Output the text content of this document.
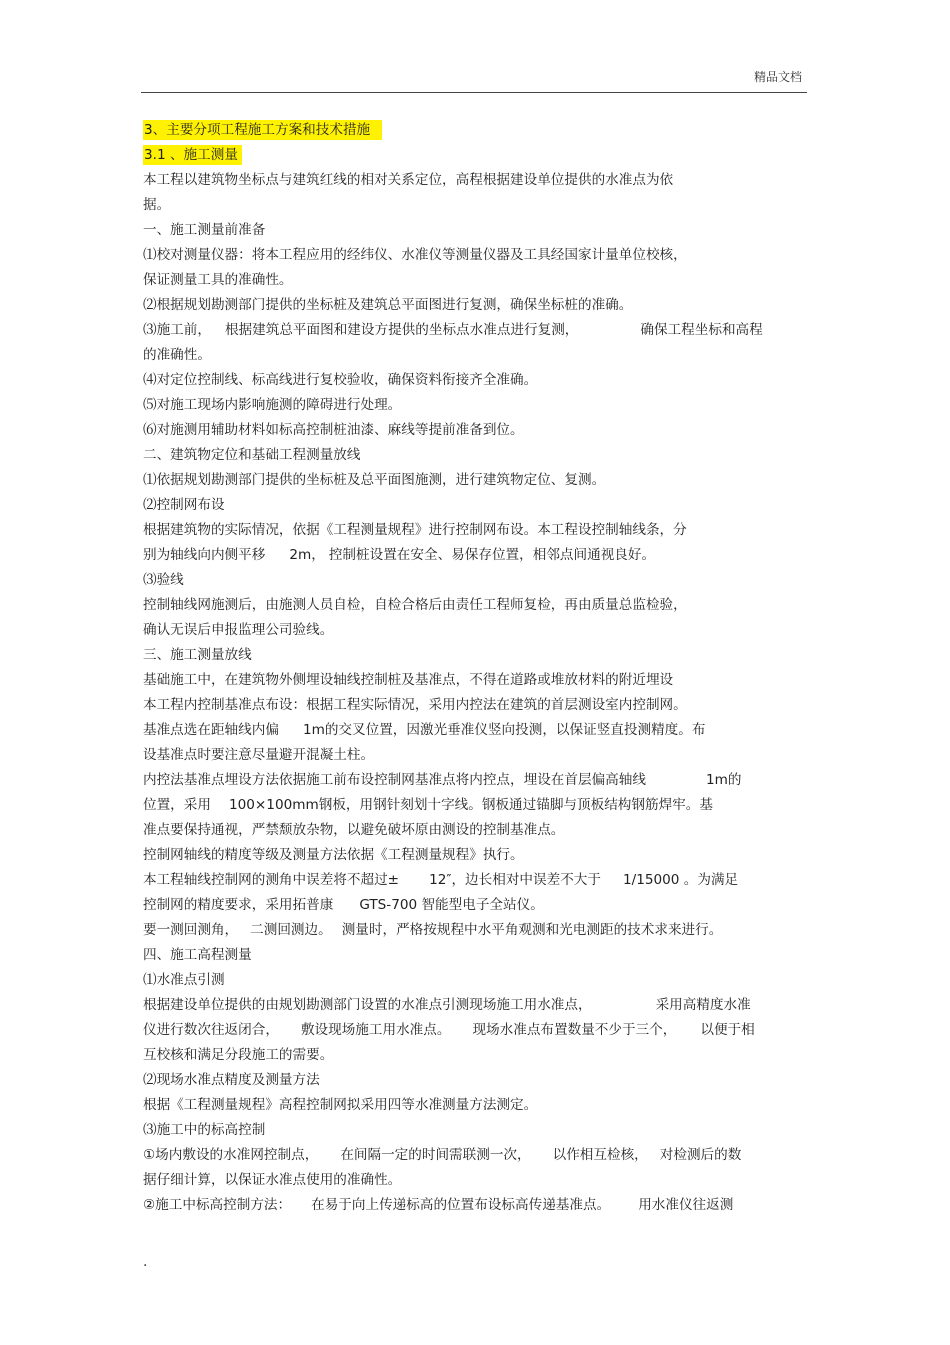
精品文档
3、主要分项工程施工方案和技术措施
3.1 、施工测量
本工程以建筑物坐标点与建筑红线的相对关系定位，高程根据建设单位提供的水准点为依
据。
一、施工测量前准备
⑴校对测量仪器：将本工程应用的经纬仪、水准仪等测量仪器及工具经国家计量单位校核，
保证测量工具的准确性。
⑵根据规划勘测部门提供的坐标桩及建筑总平面图进行复测，确保坐标桩的准确。
⑶施工前， 根据建筑总平面图和建设方提供的坐标点水准点进行复测，	确保工程坐标和高程
的准确性。
⑷对定位控制线、标高线进行复校验收，确保资料衔接齐全准确。
⑸对施工现场内影响施测的障碍进行处理。
⑹对施测用辅助材料如标高控制桩油漆、麻线等提前准备到位。
二、建筑物定位和基础工程测量放线
⑴依据规划勘测部门提供的坐标桩及总平面图施测，进行建筑物定位、复测。
⑵控制网布设
根据建筑物的实际情况，依据《工程测量规程》进行控制网布设。本工程设控制轴线条，分
别为轴线向内侧平移 2m， 控制桩设置在安全、易保存位置，相邻点间通视良好。
⑶验线
控制轴线网施测后，由施测人员自检，自检合格后由责任工程师复检，再由质量总监检验，
确认无误后申报监理公司验线。
三、施工测量放线
基础施工中，在建筑物外侧埋设轴线控制桩及基准点，不得在道路或堆放材料的附近埋设
本工程内控制基准点布设：根据工程实际情况，采用内控法在建筑的首层测设室内控制网。
基准点选在距轴线内偏 1m的交叉位置，因激光垂准仪竖向投测，以保证竖直投测精度。布
设基准点时要注意尽量避开混凝土柱。
内控法基准点埋设方法依据施工前布设控制网基准点将内控点，埋设在首层偏高轴线	1m的
位置，采用 100×100mm钢板，用钢针刻划十字线。钢板通过锚脚与顶板结构钢筋焊牢。基
准点要保持通视，严禁颓放杂物，以避免破坏原由测设的控制基准点。
控制网轴线的精度等级及测量方法依据《工程测量规程》执行。
本工程轴线控制网的测角中误差将不超过± 12″，边长相对中误差不大于 1/15000 。为满足
控制网的精度要求，采用拓普康 GTS-700 智能型电子全站仪。
要一测回测角， 二测回测边。 测量时，严格按规程中水平角观测和光电测距的技术求来进行。
四、施工高程测量
⑴水准点引测
根据建设单位提供的由规划勘测部门设置的水准点引测现场施工用水准点，	采用高精度水准
仪进行数次往返闭合， 敷设现场施工用水准点。 现场水准点布置数量不少于三个， 以便于相
互校核和满足分段施工的需要。
⑵现场水准点精度及测量方法
根据《工程测量规程》高程控制网拟采用四等水准测量方法测定。
⑶施工中的标高控制
①场内敷设的水准网控制点， 在间隔一定的时间需联测一次， 以作相互检核， 对检测后的数
据仔细计算，以保证水准点使用的准确性。
②施工中标高控制方法： 在易于向上传递标高的位置布设标高传递基准点。 用水准仪往返测
.
